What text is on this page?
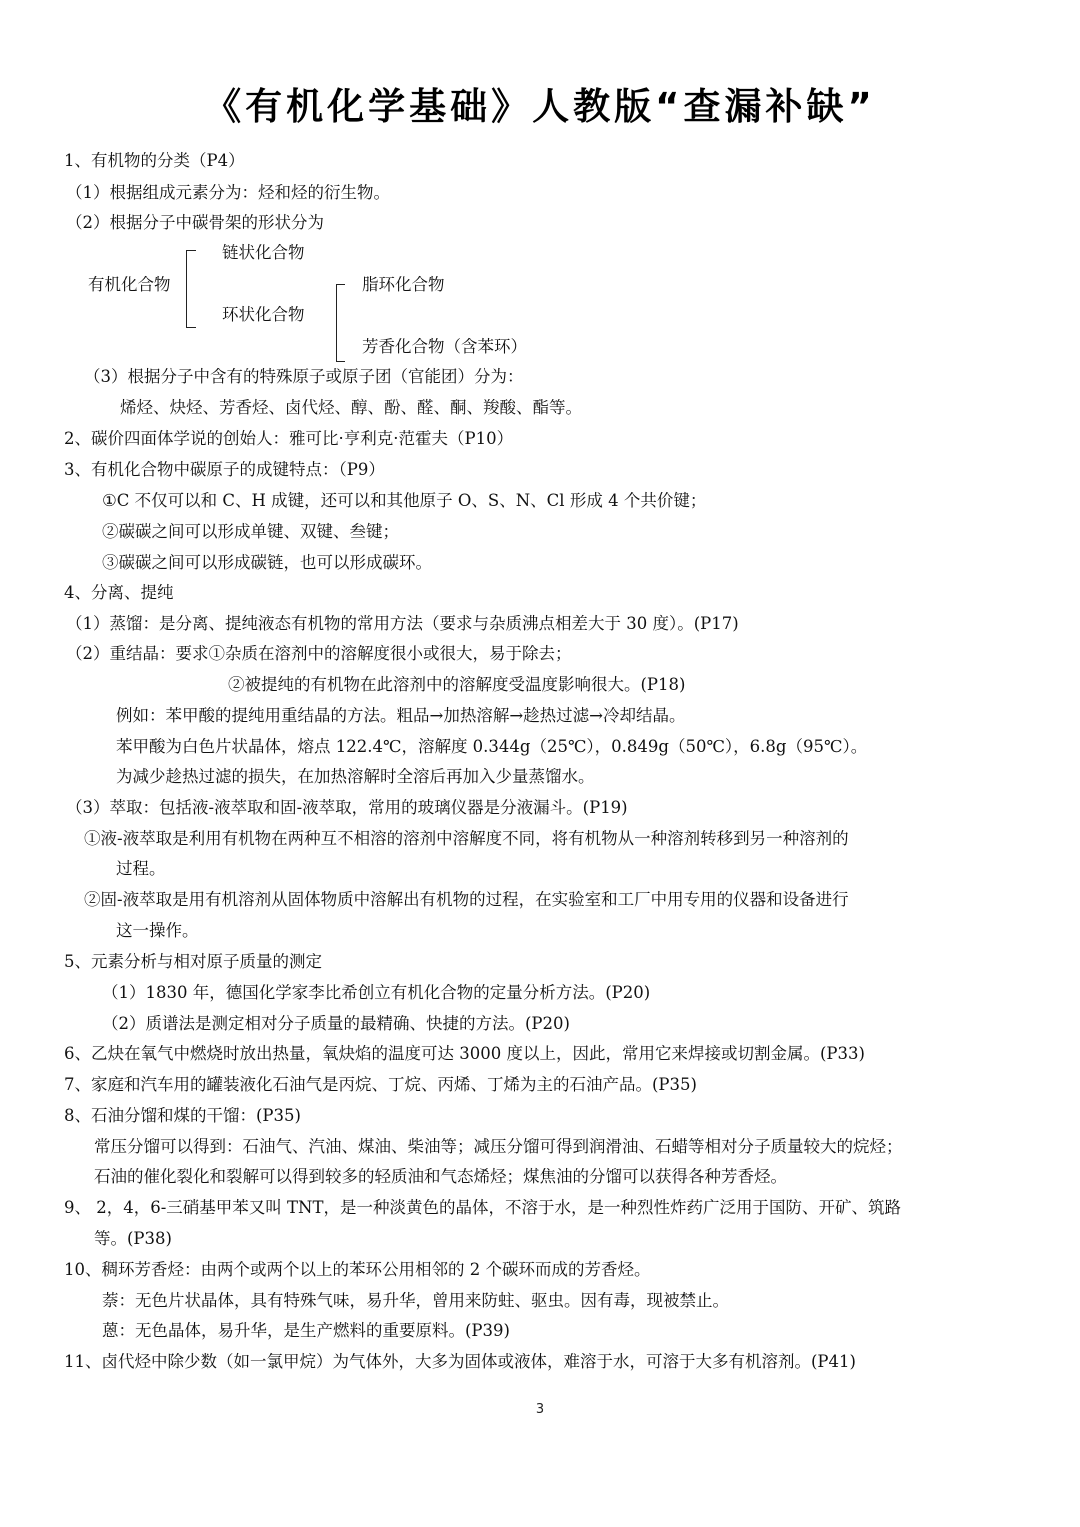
《有机化学基础》人教版“查漏补缺”
1、有机物的分类（P4）
（1）根据组成元素分为：烃和烃的衍生物。
（2）根据分子中碳骨架的形状分为
有机化合物
链状化合物
环状化合物
脂环化合物
芳香化合物（含苯环）
（3）根据分子中含有的特殊原子或原子团（官能团）分为：
烯烃、炔烃、芳香烃、卤代烃、醇、酚、醛、酮、羧酸、酯等。
2、碳价四面体学说的创始人：雅可比·亨利克·范霍夫（P10）
3、有机化合物中碳原子的成键特点：（P9）
①C 不仅可以和 C、H 成键，还可以和其他原子 O、S、N、Cl 形成 4 个共价键；
②碳碳之间可以形成单键、双键、叁键；
③碳碳之间可以形成碳链，也可以形成碳环。
4、分离、提纯
（1）蒸馏：是分离、提纯液态有机物的常用方法（要求与杂质沸点相差大于 30 度）。(P17)
（2）重结晶：要求①杂质在溶剂中的溶解度很小或很大，易于除去；
②被提纯的有机物在此溶剂中的溶解度受温度影响很大。(P18)
例如：苯甲酸的提纯用重结晶的方法。粗品→加热溶解→趁热过滤→冷却结晶。
苯甲酸为白色片状晶体，熔点 122.4℃，溶解度 0.344g（25℃），0.849g（50℃），6.8g（95℃）。
为减少趁热过滤的损失，在加热溶解时全溶后再加入少量蒸馏水。
（3）萃取：包括液-液萃取和固-液萃取，常用的玻璃仪器是分液漏斗。(P19)
①液-液萃取是利用有机物在两种互不相溶的溶剂中溶解度不同，将有机物从一种溶剂转移到另一种溶剂的
过程。
②固-液萃取是用有机溶剂从固体物质中溶解出有机物的过程，在实验室和工厂中用专用的仪器和设备进行
这一操作。
5、元素分析与相对原子质量的测定
（1）1830 年，德国化学家李比希创立有机化合物的定量分析方法。(P20)
（2）质谱法是测定相对分子质量的最精确、快捷的方法。(P20)
6、乙炔在氧气中燃烧时放出热量，氧炔焰的温度可达 3000 度以上，因此，常用它来焊接或切割金属。(P33)
7、家庭和汽车用的罐装液化石油气是丙烷、丁烷、丙烯、丁烯为主的石油产品。(P35)
8、石油分馏和煤的干馏：(P35)
常压分馏可以得到：石油气、汽油、煤油、柴油等；减压分馏可得到润滑油、石蜡等相对分子质量较大的烷烃；
石油的催化裂化和裂解可以得到较多的轻质油和气态烯烃；煤焦油的分馏可以获得各种芳香烃。
9、 2，4，6-三硝基甲苯又叫 TNT，是一种淡黄色的晶体，不溶于水，是一种烈性炸药广泛用于国防、开矿、筑路
等。(P38)
10、稠环芳香烃：由两个或两个以上的苯环公用相邻的 2 个碳环而成的芳香烃。
萘：无色片状晶体，具有特殊气味，易升华，曾用来防蛀、驱虫。因有毒，现被禁止。
蒽：无色晶体，易升华，是生产燃料的重要原料。(P39)
11、卤代烃中除少数（如一氯甲烷）为气体外，大多为固体或液体，难溶于水，可溶于大多有机溶剂。(P41)
3
